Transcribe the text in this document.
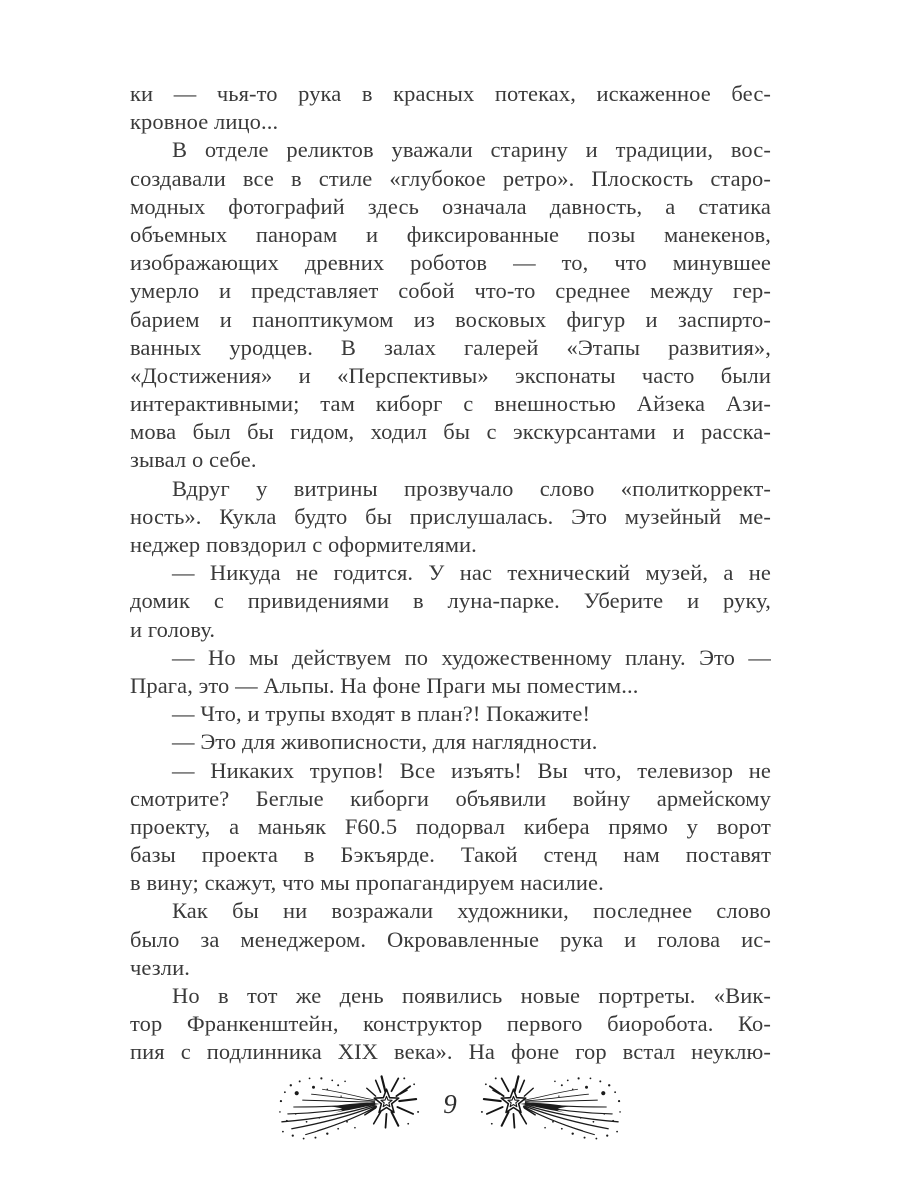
ки — чья-то рука в красных потеках, искаженное бес-
кровное лицо...
В отделе реликтов уважали старину и традиции, вос-
создавали все в стиле «глубокое ретро». Плоскость старо-
модных фотографий здесь означала давность, а статика
объемных панорам и фиксированные позы манекенов,
изображающих древних роботов — то, что минувшее
умерло и представляет собой что-то среднее между гер-
барием и паноптикумом из восковых фигур и заспирто-
ванных уродцев. В залах галерей «Этапы развития»,
«Достижения» и «Перспективы» экспонаты часто были
интерактивными; там киборг с внешностью Айзека Ази-
мова был бы гидом, ходил бы с экскурсантами и расска-
зывал о себе.
Вдруг у витрины прозвучало слово «политкоррект-
ность». Кукла будто бы прислушалась. Это музейный ме-
неджер повздорил с оформителями.
— Никуда не годится. У нас технический музей, а не
домик с привидениями в луна-парке. Уберите и руку,
и голову.
— Но мы действуем по художественному плану. Это —
Прага, это — Альпы. На фоне Праги мы поместим...
— Что, и трупы входят в план?! Покажите!
— Это для живописности, для наглядности.
— Никаких трупов! Все изъять! Вы что, телевизор не
смотрите? Беглые киборги объявили войну армейскому
проекту, а маньяк F60.5 подорвал кибера прямо у ворот
базы проекта в Бэкъярде. Такой стенд нам поставят
в вину; скажут, что мы пропагандируем насилие.
Как бы ни возражали художники, последнее слово
было за менеджером. Окровавленные рука и голова ис-
чезли.
Но в тот же день появились новые портреты. «Вик-
тор Франкенштейн, конструктор первого биоробота. Ко-
пия с подлинника XIX века». На фоне гор встал неуклю-
9
